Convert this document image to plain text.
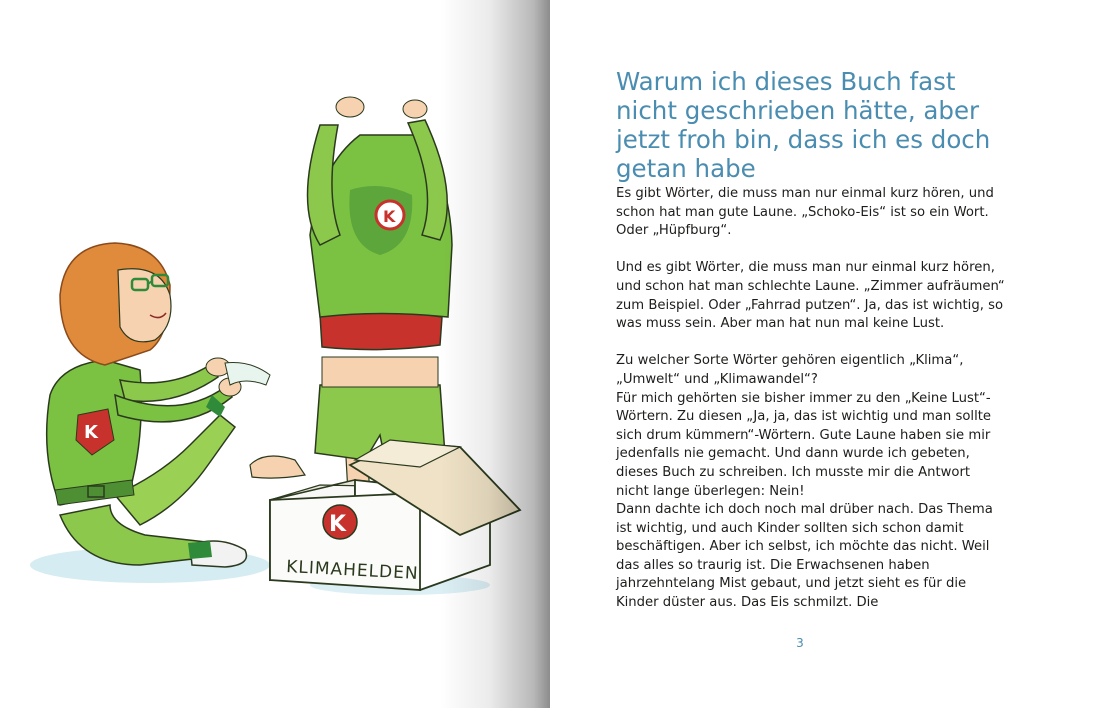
K
K
K
KLIMAHELDEN
Warum ich dieses Buch fast nicht geschrieben hätte, aber jetzt froh bin, dass ich es doch getan habe

Es gibt Wörter, die muss man nur einmal kurz hören, und schon hat man gute Laune. „Schoko-Eis“ ist so ein Wort. Oder „Hüpfburg“.

Und es gibt Wörter, die muss man nur einmal kurz hören, und schon hat man schlechte Laune. „Zimmer aufräumen“ zum Beispiel. Oder „Fahrrad putzen“. Ja, das ist wichtig, so was muss sein. Aber man hat nun mal keine Lust.

Zu welcher Sorte Wörter gehören eigentlich „Klima“, „Umwelt“ und „Klimawandel“?

Für mich gehörten sie bisher immer zu den „Keine Lust“-Wörtern. Zu diesen „Ja, ja, das ist wichtig und man sollte sich drum kümmern“-Wörtern. Gute Laune haben sie mir jedenfalls nie gemacht. Und dann wurde ich gebeten, dieses Buch zu schreiben. Ich musste mir die Antwort nicht lange überlegen: Nein!

Dann dachte ich doch noch mal drüber nach. Das Thema ist wichtig, und auch Kinder sollten sich schon damit beschäftigen. Aber ich selbst, ich möchte das nicht. Weil das alles so traurig ist. Die Erwachsenen haben jahrzehntelang Mist gebaut, und jetzt sieht es für die Kinder düster aus. Das Eis schmilzt. Die

3
